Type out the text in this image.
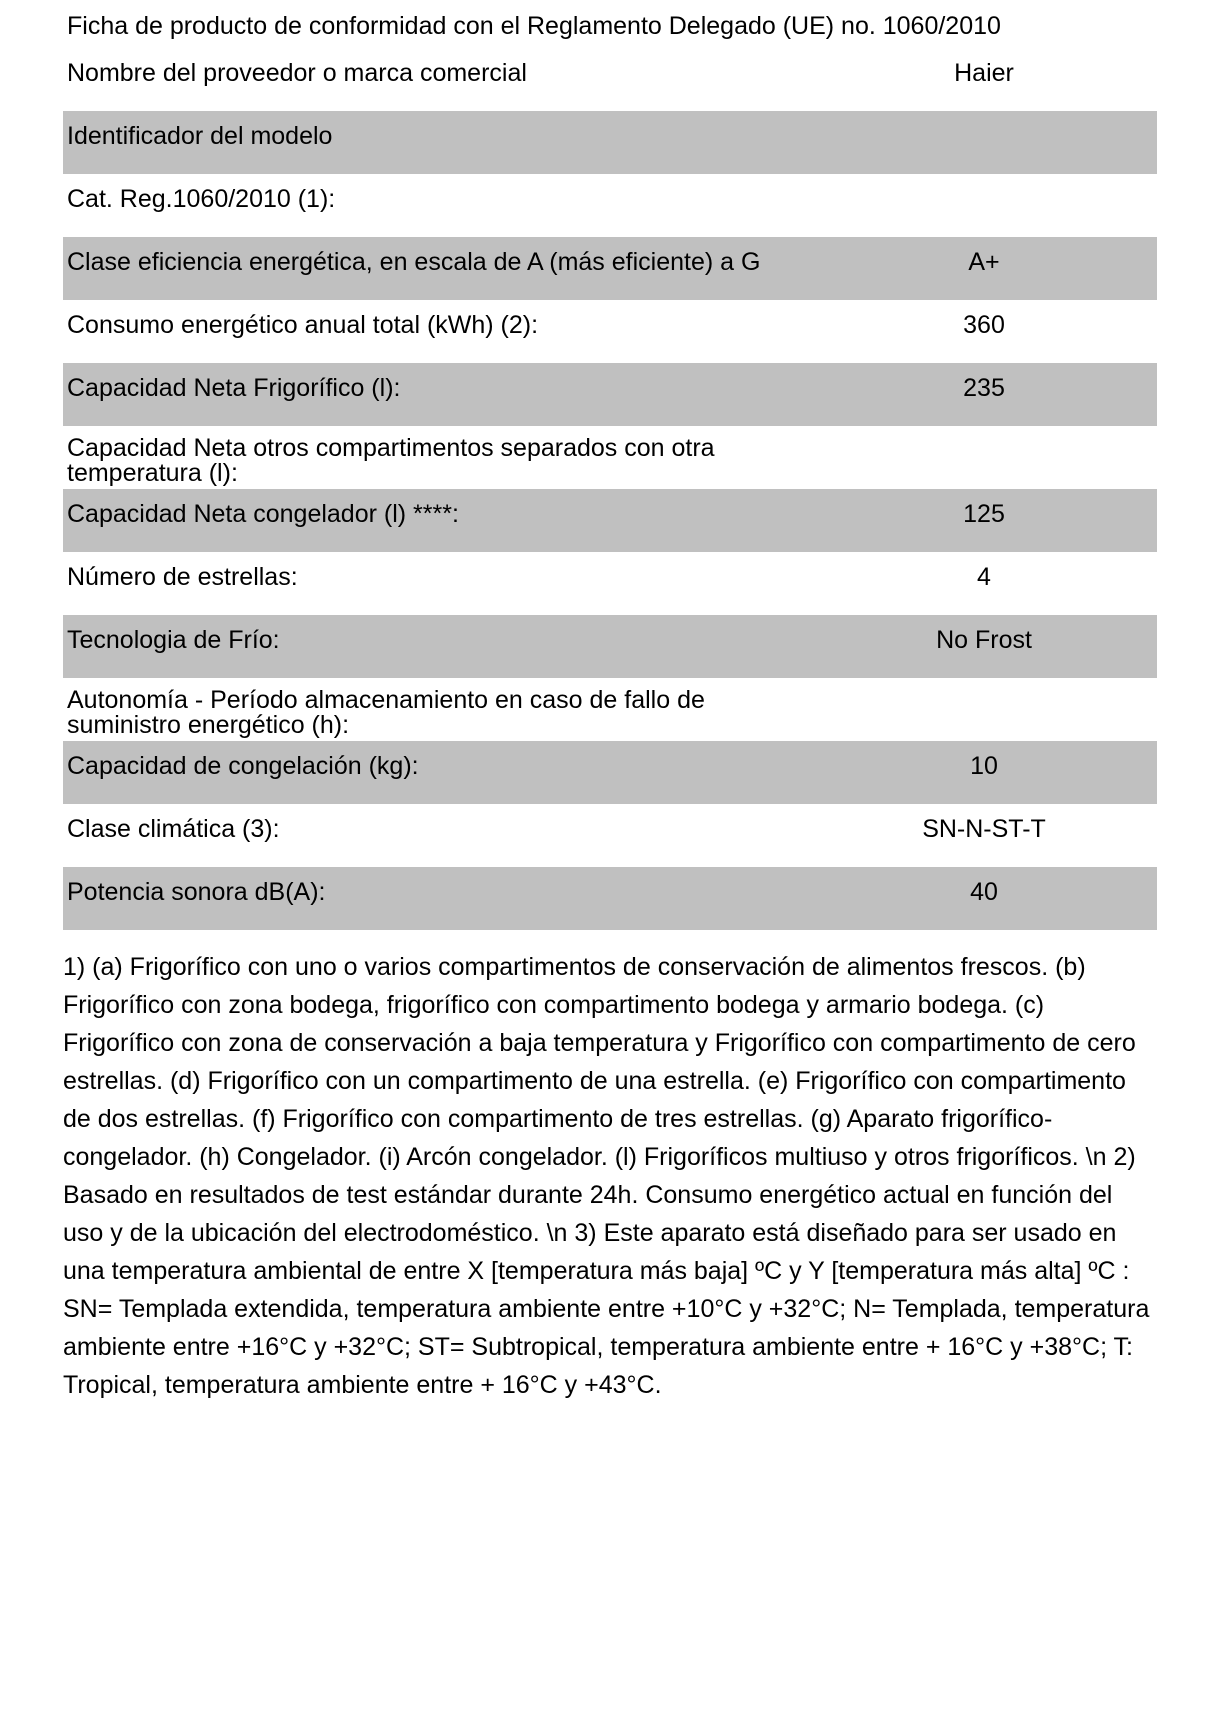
Ficha de producto de conformidad con el Reglamento Delegado (UE) no. 1060/2010
Nombre del proveedor o marca comercial	Haier
Identificador del modelo
Cat. Reg.1060/2010 (1):
Clase eficiencia energética, en escala de A (más eficiente) a G	A+
Consumo energético anual total (kWh) (2):	360
Capacidad Neta Frigorífico (l):	235
Capacidad Neta otros compartimentos separados con otra temperatura (l):
Capacidad Neta congelador (l) ****:	125
Número de estrellas:	4
Tecnologia de Frío:	No Frost
Autonomía - Período almacenamiento en caso de fallo de suministro energético (h):
Capacidad de congelación (kg):	10
Clase climática (3):	SN-N-ST-T
Potencia sonora dB(A):	40
1) (a) Frigorífico con uno o varios compartimentos de conservación de alimentos frescos. (b) Frigorífico con zona bodega, frigorífico con compartimento bodega y armario bodega. (c) Frigorífico con zona de conservación a baja temperatura y Frigorífico con compartimento de cero estrellas. (d) Frigorífico con un compartimento de una estrella. (e) Frigorífico con compartimento de dos estrellas. (f) Frigorífico con compartimento de tres estrellas. (g) Aparato frigorífico-congelador. (h) Congelador. (i) Arcón congelador. (l) Frigoríficos multiuso y otros frigoríficos. \n 2) Basado en resultados de test estándar durante 24h. Consumo energético actual en función del uso y de la ubicación del electrodoméstico. \n 3) Este aparato está diseñado para ser usado en una temperatura ambiental de entre X [temperatura más baja] ºC y Y [temperatura más alta] ºC : SN= Templada extendida, temperatura ambiente entre +10°C y +32°C; N= Templada, temperatura ambiente entre +16°C y +32°C; ST= Subtropical, temperatura ambiente entre + 16°C y +38°C; T: Tropical, temperatura ambiente entre + 16°C y +43°C.
